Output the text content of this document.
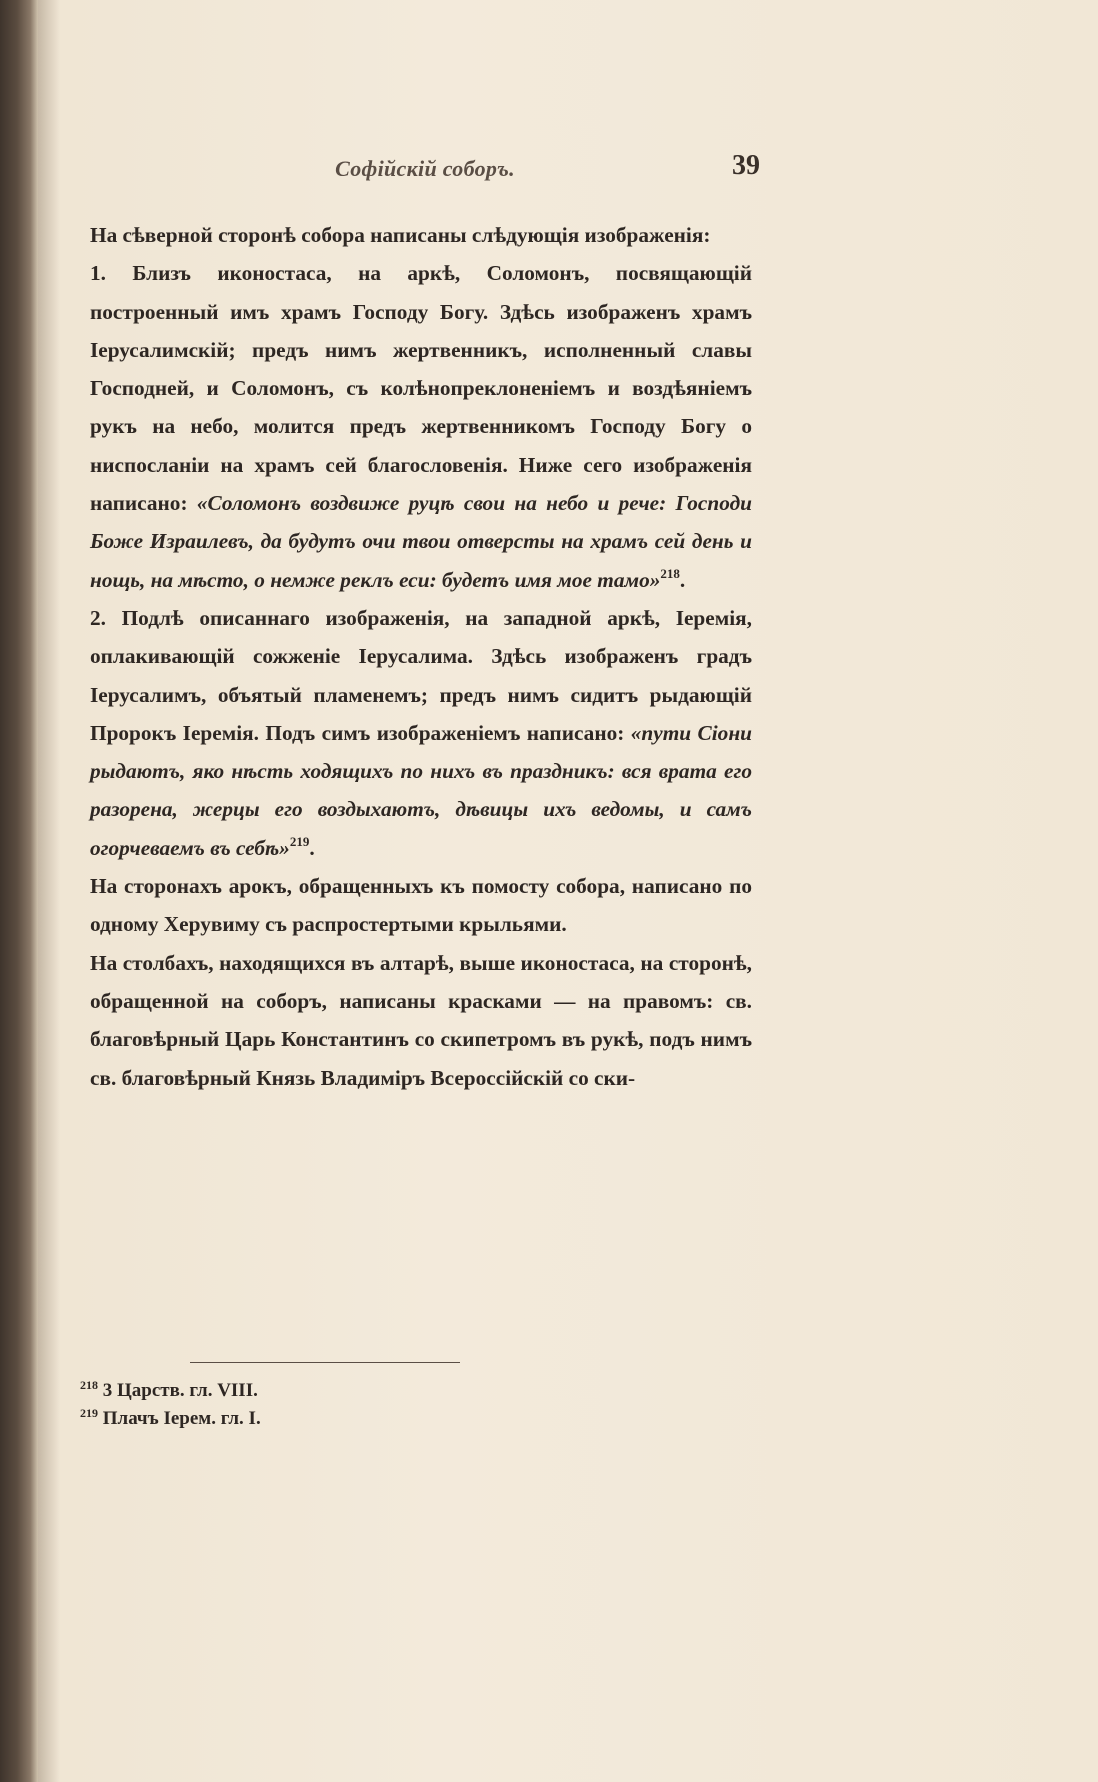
Софійскій соборъ.	39

На сѣверной сторонѣ собора написаны слѣдующія изображенія:

1. Близъ иконостаса, на аркѣ, Соломонъ, посвящающій построенный имъ храмъ Господу Богу. Здѣсь изображенъ храмъ Іерусалимскій; предъ нимъ жертвенникъ, исполненный славы Господней, и Соломонъ, съ колѣнопреклоненіемъ и воздѣяніемъ рукъ на небо, молится предъ жертвенникомъ Господу Богу о ниспосланіи на храмъ сей благословенія. Ниже сего изображенія написано: «Соломонъ воздвиже руцѣ свои на небо и рече: Господи Боже Израилевъ, да будутъ очи твои отверсты на храмъ сей день и нощь, на мѣсто, о немже реклъ еси: будетъ имя мое тамо»$^{218}$.

2. Подлѣ описаннаго изображенія, на западной аркѣ, Іеремія, оплакивающій сожженіе Іерусалима. Здѣсь изображенъ градъ Іерусалимъ, объятый пламенемъ; предъ нимъ сидитъ рыдающій Пророкъ Іеремія. Подъ симъ изображеніемъ написано: «пути Сіони рыдаютъ, яко нѣсть ходящихъ по нихъ въ праздникъ: вся врата его разорена, жерцы его воздыхаютъ, дѣвицы ихъ ведомы, и самъ огорчеваемъ въ себѣ»$^{219}$.

На сторонахъ арокъ, обращенныхъ къ помосту собора, написано по одному Херувиму съ распростертыми крыльями.

На столбахъ, находящихся въ алтарѣ, выше иконостаса, на сторонѣ, обращенной на соборъ, написаны красками — на правомъ: св. благовѣрный Царь Константинъ со скипетромъ въ рукѣ, подъ нимъ св. благовѣрный Князь Владиміръ Всероссійскій со ски-

$^{218}$ 3 Царств. гл. VIII.
$^{219}$ Плачъ Іерем. гл. I.
